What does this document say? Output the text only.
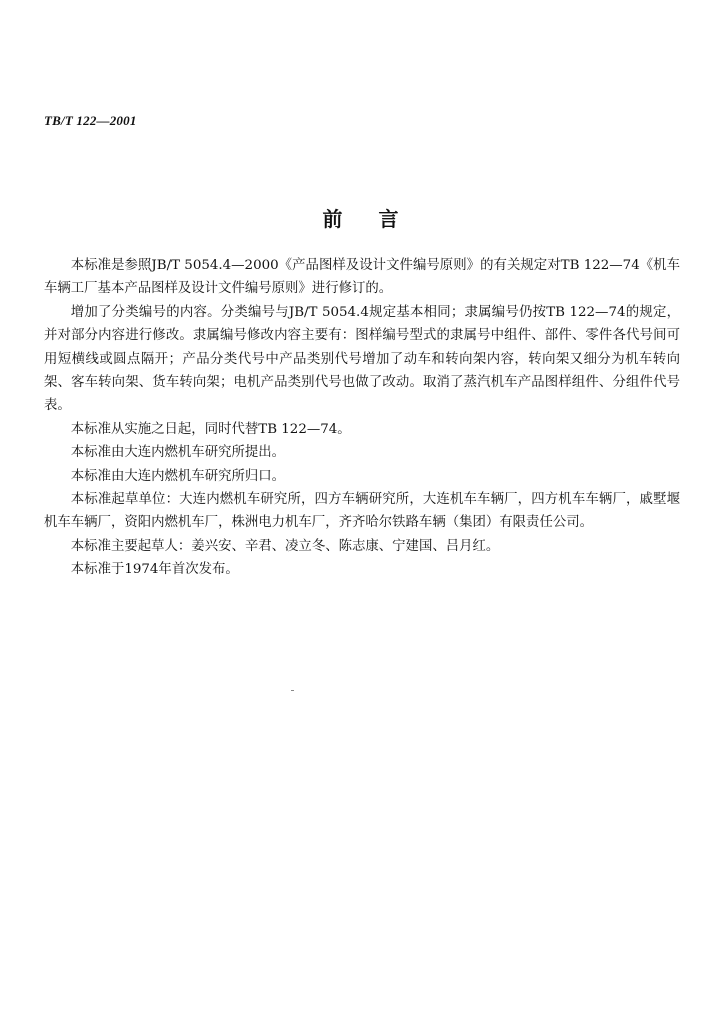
TB/T 122—2001
前言

本标准是参照JB/T 5054.4—2000《产品图样及设计文件编号原则》的有关规定对TB 122—74《机车车辆工厂基本产品图样及设计文件编号原则》进行修订的。

增加了分类编号的内容。分类编号与JB/T 5054.4规定基本相同；隶属编号仍按TB 122—74的规定，并对部分内容进行修改。隶属编号修改内容主要有：图样编号型式的隶属号中组件、部件、零件各代号间可用短横线或圆点隔开；产品分类代号中产品类别代号增加了动车和转向架内容，转向架又细分为机车转向架、客车转向架、货车转向架；电机产品类别代号也做了改动。取消了蒸汽机车产品图样组件、分组件代号表。

本标准从实施之日起，同时代替TB 122—74。

本标准由大连内燃机车研究所提出。

本标准由大连内燃机车研究所归口。

本标准起草单位：大连内燃机车研究所，四方车辆研究所，大连机车车辆厂，四方机车车辆厂，戚墅堰机车车辆厂，资阳内燃机车厂，株洲电力机车厂，齐齐哈尔铁路车辆（集团）有限责任公司。

本标准主要起草人：姜兴安、辛君、凌立冬、陈志康、宁建国、吕月红。

本标准于1974年首次发布。
